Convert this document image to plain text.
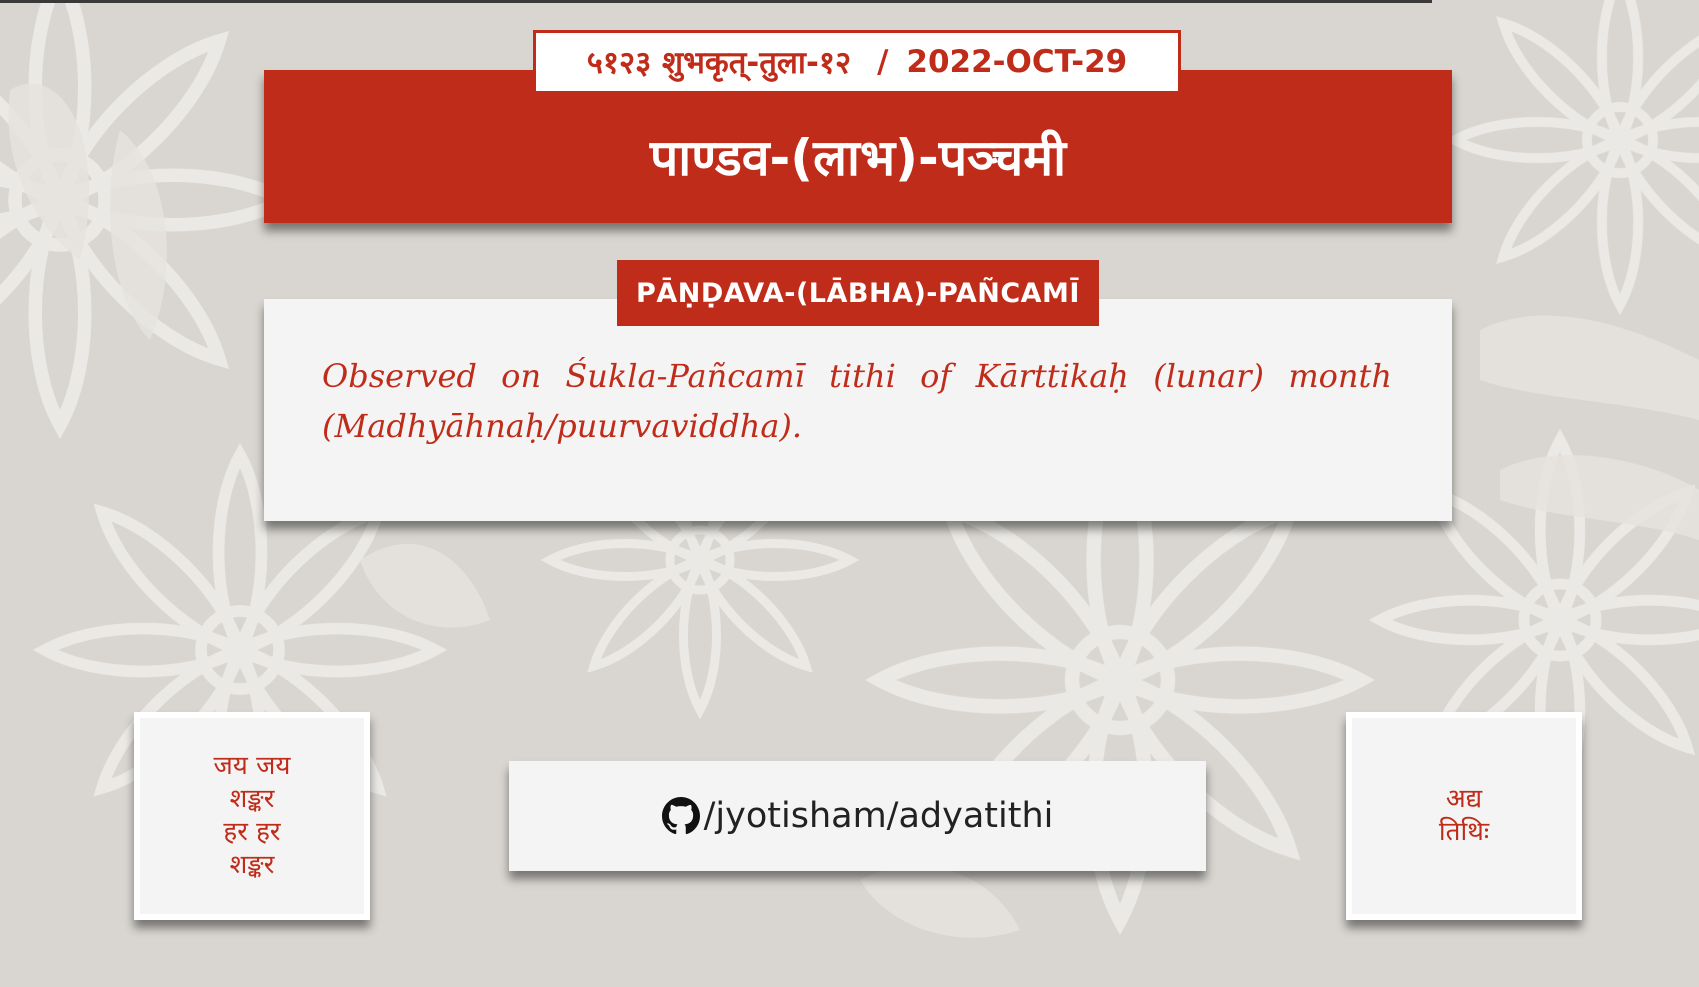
५१२३ शुभकृत्-तुला-१२ / 2022-OCT-29
पाण्डव-(लाभ)-पञ्चमी
PĀṆḌAVA-(LĀBHA)-PAÑCAMĪ

Observed on Śukla-Pañcamī tithi of Kārttikaḥ (lunar) month (Madhyāhnaḥ/puurvaviddha).

जय जय
शङ्कर
हर हर
शङ्कर
/jyotisham/adyatithi	अद्य
तिथिः
